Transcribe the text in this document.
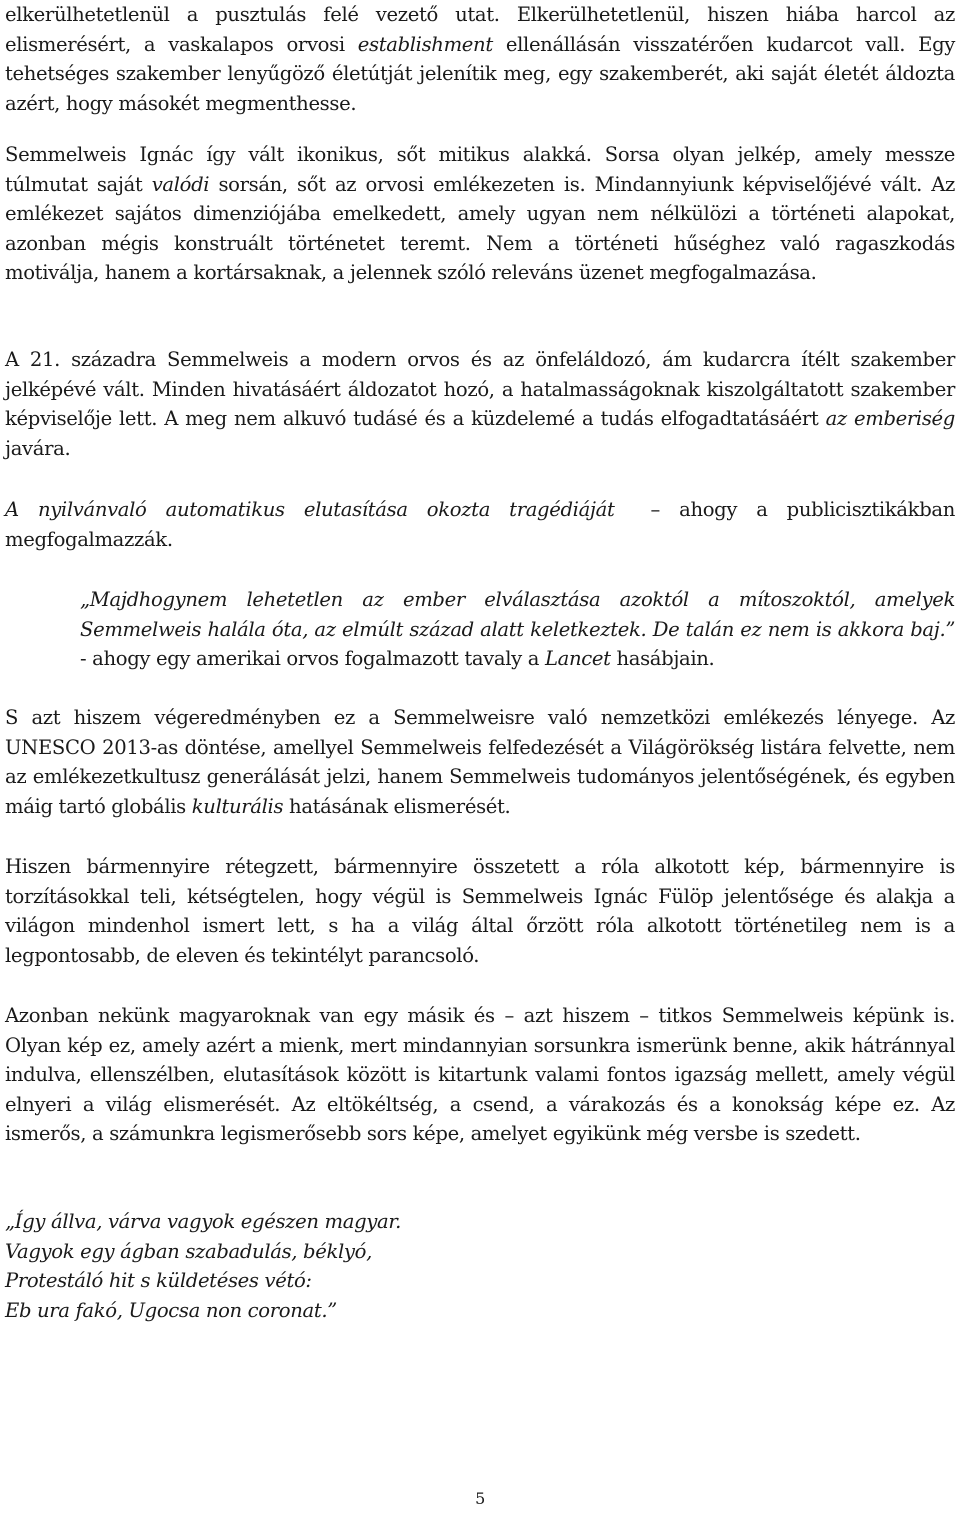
elkerülhetetlenül a pusztulás felé vezető utat. Elkerülhetetlenül, hiszen hiába harcol az elismerésért, a vaskalapos orvosi establishment ellenállásán visszatérően kudarcot vall. Egy tehetséges szakember lenyűgöző életútját jelenítik meg, egy szakemberét, aki saját életét áldozta azért, hogy másokét megmenthesse.

Semmelweis Ignác így vált ikonikus, sőt mitikus alakká. Sorsa olyan jelkép, amely messze túlmutat saját valódi sorsán, sőt az orvosi emlékezeten is. Mindannyiunk képviselőjévé vált. Az emlékezet sajátos dimenziójába emelkedett, amely ugyan nem nélkülözi a történeti alapokat, azonban mégis konstruált történetet teremt. Nem a történeti hűséghez való ragaszkodás motiválja, hanem a kortársaknak, a jelennek szóló releváns üzenet megfogalmazása.

A 21. századra Semmelweis a modern orvos és az önfeláldozó, ám kudarcra ítélt szakember jelképévé vált. Minden hivatásáért áldozatot hozó, a hatalmasságoknak kiszolgáltatott szakember képviselője lett. A meg nem alkuvó tudásé és a küzdelemé a tudás elfogadtatásáért az emberiség javára.

A nyilvánvaló automatikus elutasítása okozta tragédiáját – ahogy a publicisztikákban megfogalmazzák.

„Majdhogynem lehetetlen az ember elválasztása azoktól a mítoszoktól, amelyek Semmelweis halála óta, az elmúlt század alatt keletkeztek. De talán ez nem is akkora baj.” - ahogy egy amerikai orvos fogalmazott tavaly a Lancet hasábjain.

S azt hiszem végeredményben ez a Semmelweisre való nemzetközi emlékezés lényege. Az UNESCO 2013-as döntése, amellyel Semmelweis felfedezését a Világörökség listára felvette, nem az emlékezetkultusz generálását jelzi, hanem Semmelweis tudományos jelentőségének, és egyben máig tartó globális kulturális hatásának elismerését.

Hiszen bármennyire rétegzett, bármennyire összetett a róla alkotott kép, bármennyire is torzításokkal teli, kétségtelen, hogy végül is Semmelweis Ignác Fülöp jelentősége és alakja a világon mindenhol ismert lett, s ha a világ által őrzött róla alkotott történetileg nem is a legpontosabb, de eleven és tekintélyt parancsoló.

Azonban nekünk magyaroknak van egy másik és – azt hiszem – titkos Semmelweis képünk is. Olyan kép ez, amely azért a mienk, mert mindannyian sorsunkra ismerünk benne, akik hátránnyal indulva, ellenszélben, elutasítások között is kitartunk valami fontos igazság mellett, amely végül elnyeri a világ elismerését. Az eltökéltség, a csend, a várakozás és a konokság képe ez. Az ismerős, a számunkra legismerősebb sors képe, amelyet egyikünk még versbe is szedett.

„Így állva, várva vagyok egészen magyar.
Vagyok egy ágban szabadulás, béklyó,
Protestáló hit s küldetéses vétó:
Eb ura fakó, Ugocsa non coronat.”
5
